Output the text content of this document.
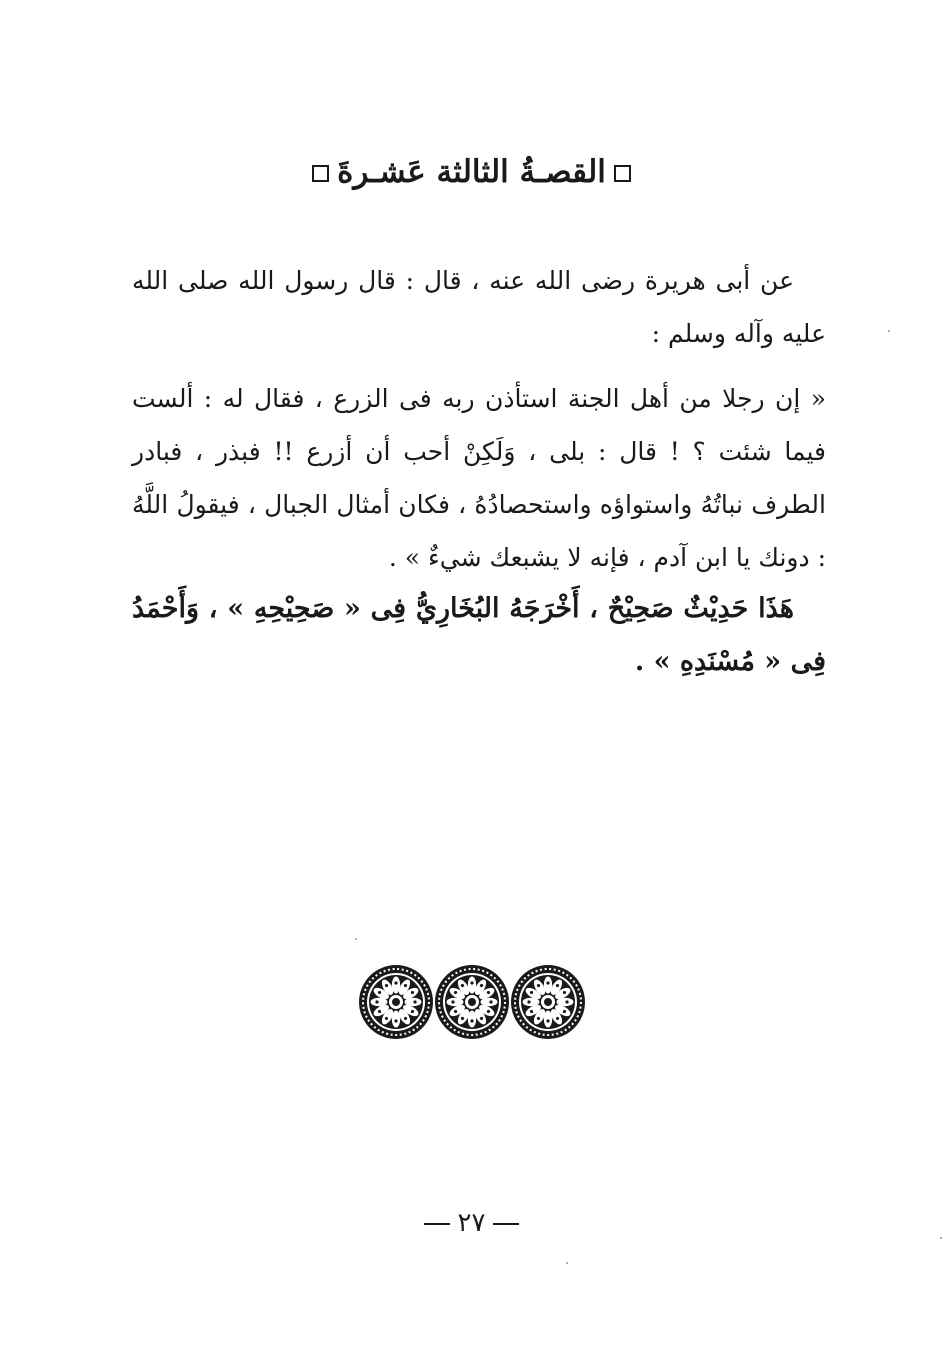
القصـةُ الثالثة عَشـرةَ

عن أبى هريرة رضى الله عنه ، قال : قال رسول الله صلى الله عليه وآله وسلم :

« إن رجلا من أهل الجنة استأذن ربه فى الزرع ، فقال له : ألست فيما شئت ؟ ! قال : بلى ، وَلَكِنْ أحب أن أزرع !! فبذر ، فبادر الطرف نباتُهُ واستواؤه واستحصادُهُ ، فكان أمثال الجبال ، فيقولُ اللَّهُ : دونك يا ابن آدم ، فإنه لا يشبعك شيءٌ » .

هَذَا حَدِيْثٌ صَحِيْحٌ ، أَخْرَجَهُ البُخَارِيُّ فِى « صَحِيْحِهِ » ، وَأَحْمَدُ فِى « مُسْنَدِهِ » .

٢٧
